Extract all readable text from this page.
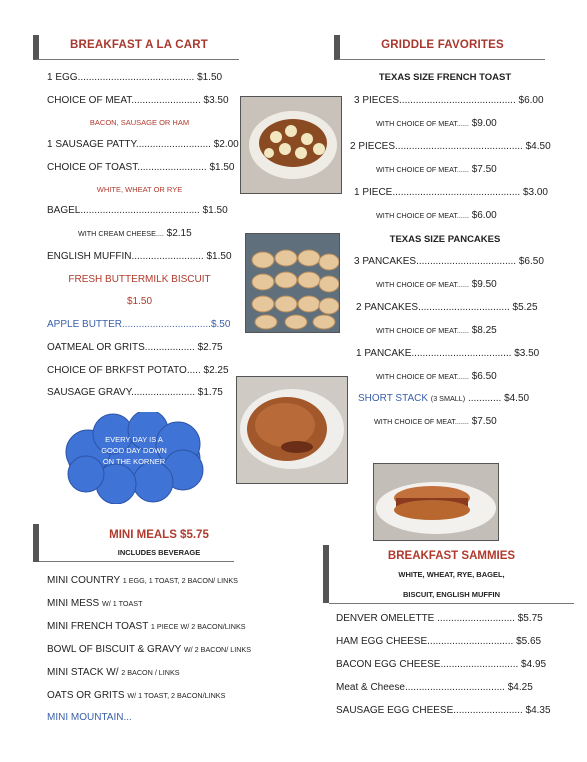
BREAKFAST A LA CART
1 EGG.......................................... $1.50
CHOICE OF MEAT......................... $3.50
BACON, SAUSAGE OR HAM
1 SAUSAGE PATTY........................... $2.00
CHOICE OF TOAST......................... $1.50
WHITE, WHEAT OR RYE
BAGEL........................................... $1.50
WITH CREAM CHEESE.... $2.15
ENGLISH MUFFIN.......................... $1.50
FRESH BUTTERMILK BISCUIT
$1.50
APPLE BUTTER................................$.50
OATMEAL OR GRITS.................. $2.75
CHOICE OF BRKFST POTATO..... $2.25
SAUSAGE GRAVY....................... $1.75
EVERY DAY IS A
GOOD DAY DOWN
ON THE KORNER
MINI MEALS $5.75
INCLUDES BEVERAGE
MINI COUNTRY 1 EGG, 1 TOAST, 2 BACON/ LINKS
MINI MESS W/ 1 TOAST
MINI FRENCH TOAST 1 PIECE W/ 2 BACON/LINKS
BOWL OF BISCUIT & GRAVY W/ 2 BACON/ LINKS
MINI STACK W/ 2 BACON / LINKS
OATS OR GRITS W/ 1 TOAST, 2 BACON/LINKS
MINI MOUNTAIN...
GRIDDLE FAVORITES
TEXAS SIZE FRENCH TOAST
3 PIECES.......................................... $6.00
WITH CHOICE OF MEAT...... $9.00
2 PIECES.............................................. $4.50
WITH CHOICE OF MEAT...... $7.50
1 PIECE.............................................. $3.00
WITH CHOICE OF MEAT...... $6.00
TEXAS SIZE PANCAKES
3 PANCAKES.................................... $6.50
WITH CHOICE OF MEAT...... $9.50
2 PANCAKES................................. $5.25
WITH CHOICE OF MEAT...... $8.25
1 PANCAKE.................................... $3.50
WITH CHOICE OF MEAT...... $6.50
SHORT STACK (3 SMALL) ............ $4.50
WITH CHOICE OF MEAT....... $7.50
BREAKFAST SAMMIES
WHITE, WHEAT, RYE, BAGEL,
BISCUIT, ENGLISH MUFFIN
DENVER OMELETTE ............................ $5.75
HAM EGG CHEESE............................... $5.65
BACON EGG CHEESE............................ $4.95
Meat & Cheese.................................... $4.25
SAUSAGE EGG CHEESE......................... $4.35
